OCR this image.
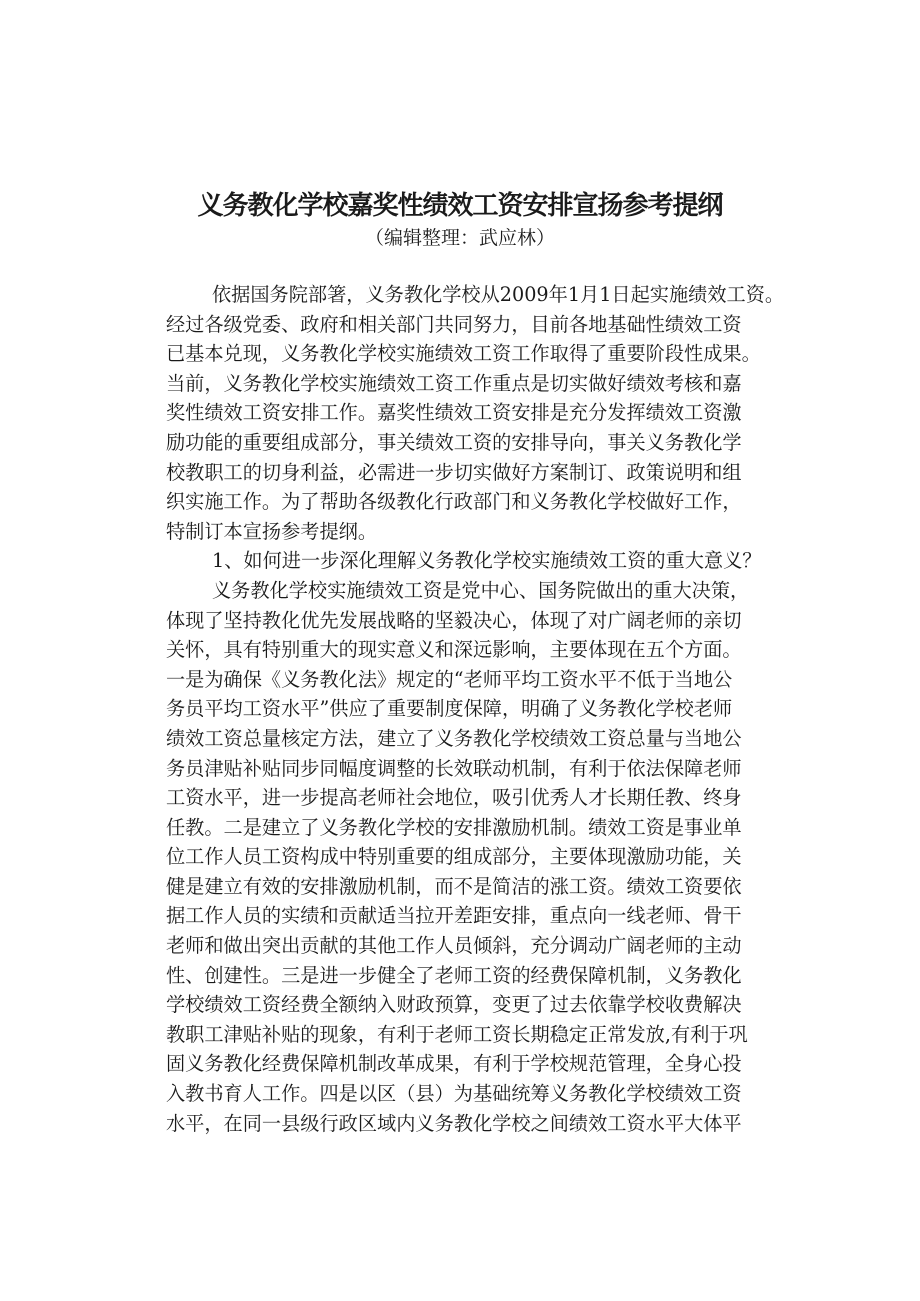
义务教化学校嘉奖性绩效工资安排宣扬参考提纲
（编辑整理：武应林）
依据国务院部箸，义务教化学校从2009年1月1日起实施绩效工资。
经过各级党委、政府和相关部门共同努力，目前各地基础性绩效工资
已基本兑现，义务教化学校实施绩效工资工作取得了重要阶段性成果。
当前，义务教化学校实施绩效工资工作重点是切实做好绩效考核和嘉
奖性绩效工资安排工作。嘉奖性绩效工资安排是充分发挥绩效工资激
励功能的重要组成部分，事关绩效工资的安排导向，事关义务教化学
校教职工的切身利益，必需进一步切实做好方案制订、政策说明和组
织实施工作。为了帮助各级教化行政部门和义务教化学校做好工作，
特制订本宣扬参考提纲。
1、如何进一步深化理解义务教化学校实施绩效工资的重大意义？
义务教化学校实施绩效工资是党中心、国务院做出的重大决策，
体现了坚持教化优先发展战略的坚毅决心，体现了对广阔老师的亲切
关怀，具有特别重大的现实意义和深远影响，主要体现在五个方面。
一是为确保《义务教化法》规定的“老师平均工资水平不低于当地公
务员平均工资水平”供应了重要制度保障，明确了义务教化学校老师
绩效工资总量核定方法，建立了义务教化学校绩效工资总量与当地公
务员津贴补贴同步同幅度调整的长效联动机制，有利于依法保障老师
工资水平，进一步提高老师社会地位，吸引优秀人才长期任教、终身
任教。二是建立了义务教化学校的安排激励机制。绩效工资是事业单
位工作人员工资构成中特别重要的组成部分，主要体现激励功能，关
健是建立有效的安排激励机制，而不是简洁的涨工资。绩效工资要依
据工作人员的实绩和贡献适当拉开差距安排，重点向一线老师、骨干
老师和做出突出贡献的其他工作人员倾斜，充分调动广阔老师的主动
性、创建性。三是进一步健全了老师工资的经费保障机制，义务教化
学校绩效工资经费全额纳入财政预算，变更了过去依靠学校收费解决
教职工津贴补贴的现象，有利于老师工资长期稳定正常发放,有利于巩
固义务教化经费保障机制改革成果，有利于学校规范管理，全身心投
入教书育人工作。四是以区（县）为基础统筹义务教化学校绩效工资
水平，在同一县级行政区域内义务教化学校之间绩效工资水平大体平
